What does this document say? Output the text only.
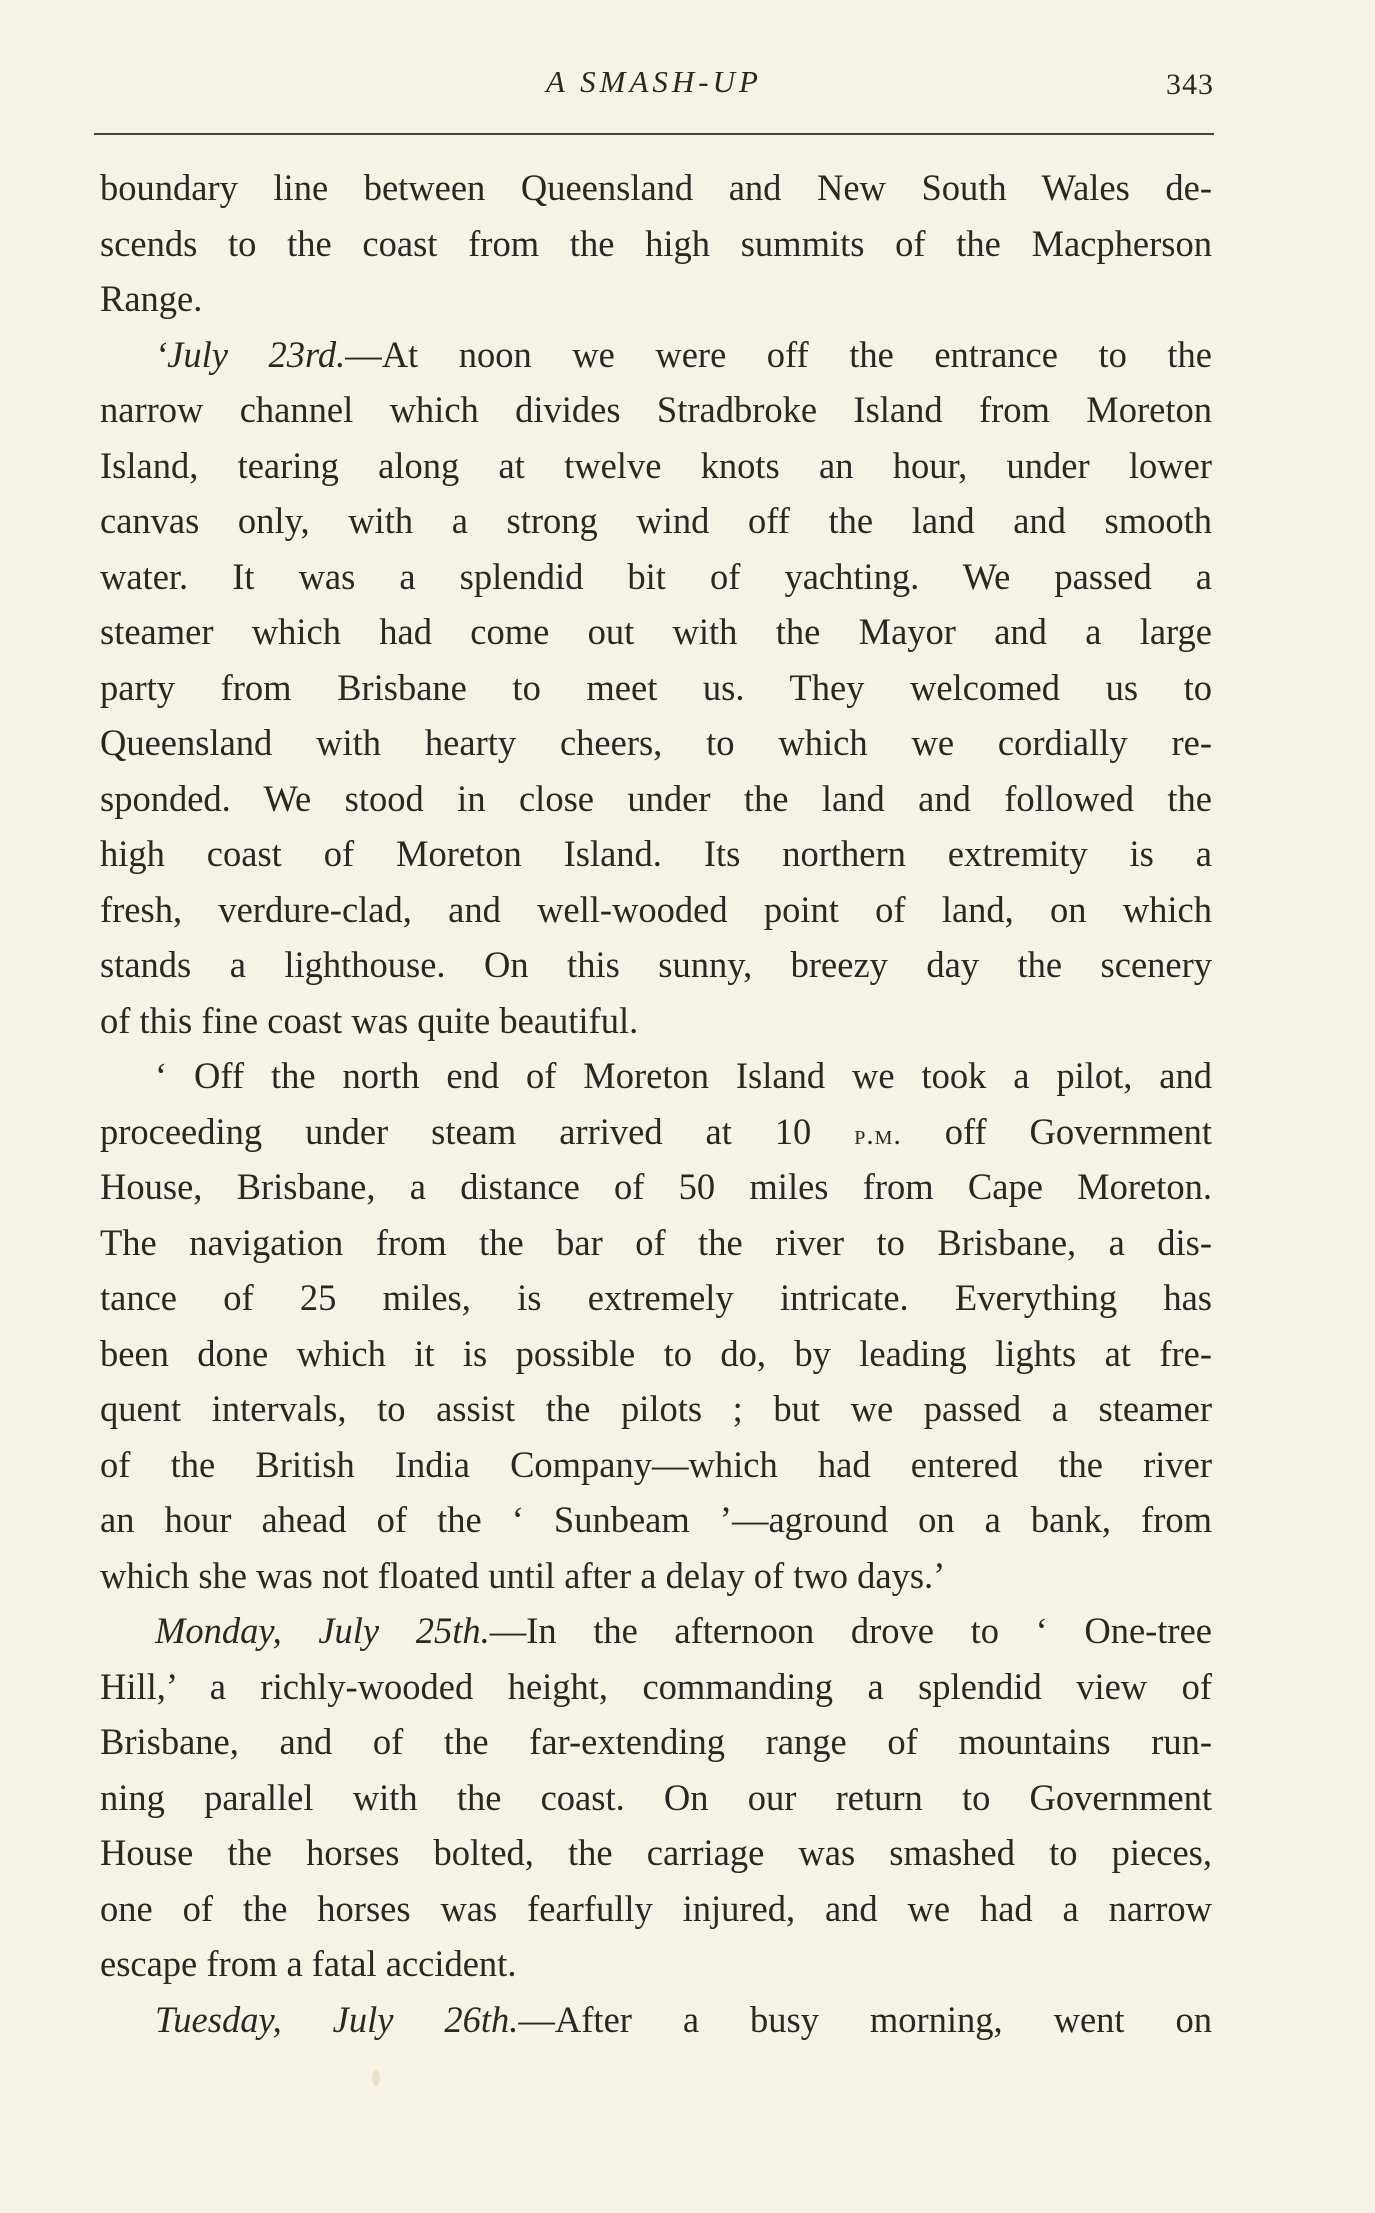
A SMASH-UP	343
boundary line between Queensland and New South Wales de-
scends to the coast from the high summits of the Macpherson
Range.
‘July 23rd.—At noon we were off the entrance to the
narrow channel which divides Stradbroke Island from Moreton
Island, tearing along at twelve knots an hour, under lower
canvas only, with a strong wind off the land and smooth
water. It was a splendid bit of yachting. We passed a
steamer which had come out with the Mayor and a large
party from Brisbane to meet us. They welcomed us to
Queensland with hearty cheers, to which we cordially re-
sponded. We stood in close under the land and followed the
high coast of Moreton Island. Its northern extremity is a
fresh, verdure-clad, and well-wooded point of land, on which
stands a lighthouse. On this sunny, breezy day the scenery
of this fine coast was quite beautiful.
‘ Off the north end of Moreton Island we took a pilot, and
proceeding under steam arrived at 10 p.m. off Government
House, Brisbane, a distance of 50 miles from Cape Moreton.
The navigation from the bar of the river to Brisbane, a dis-
tance of 25 miles, is extremely intricate. Everything has
been done which it is possible to do, by leading lights at fre-
quent intervals, to assist the pilots ; but we passed a steamer
of the British India Company—which had entered the river
an hour ahead of the ‘ Sunbeam ’—aground on a bank, from
which she was not floated until after a delay of two days.’
Monday, July 25th.—In the afternoon drove to ‘ One-tree
Hill,’ a richly-wooded height, commanding a splendid view of
Brisbane, and of the far-extending range of mountains run-
ning parallel with the coast. On our return to Government
House the horses bolted, the carriage was smashed to pieces,
one of the horses was fearfully injured, and we had a narrow
escape from a fatal accident.
Tuesday, July 26th.—After a busy morning, went on
